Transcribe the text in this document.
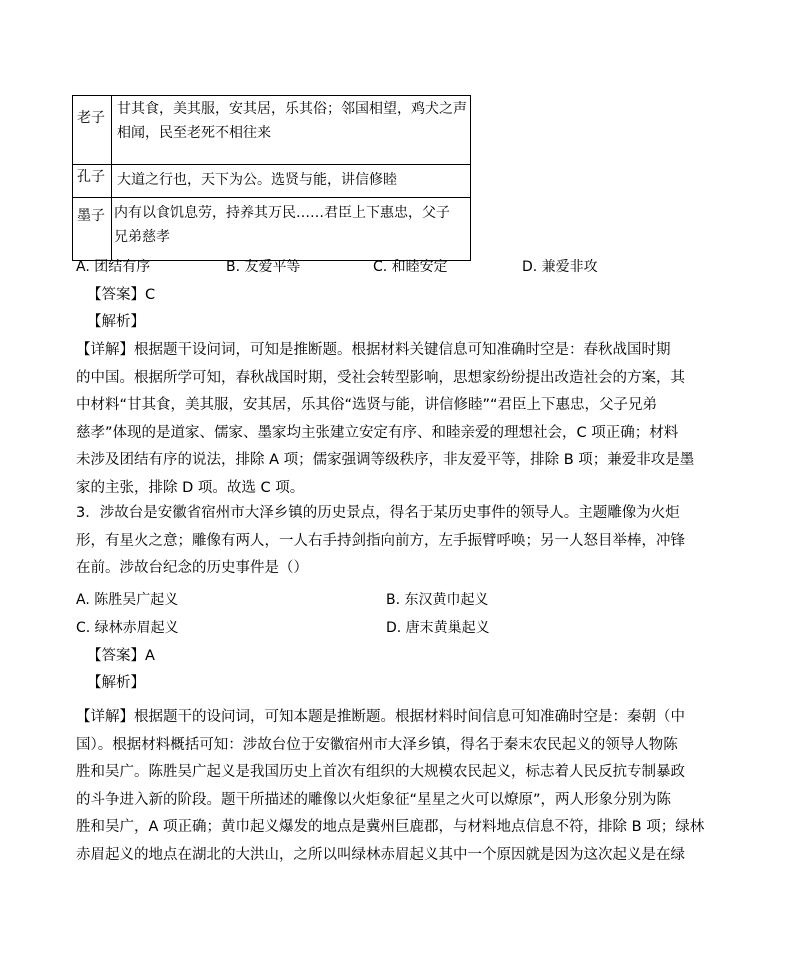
老子	甘其食，美其服，安其居，乐其俗；邻国相望，鸡犬之声
相闻，民至老死不相往来

孔子	大道之行也，天下为公。选贤与能，讲信修睦

墨子	内有以食饥息劳，持养其万民……君臣上下惠忠，父子
兄弟慈孝
A. 团结有序	B. 友爱平等	C. 和睦安定	D. 兼爱非攻
【答案】C
【解析】
【详解】根据题干设问词，可知是推断题。根据材料关键信息可知准确时空是：春秋战国时期
的中国。根据所学可知，春秋战国时期，受社会转型影响，思想家纷纷提出改造社会的方案，其
中材料“甘其食，美其服，安其居，乐其俗“选贤与能，讲信修睦”“君臣上下惠忠，父子兄弟
慈孝”体现的是道家、儒家、墨家均主张建立安定有序、和睦亲爱的理想社会，C 项正确；材料
未涉及团结有序的说法，排除 A 项；儒家强调等级秩序，非友爱平等，排除 B 项；兼爱非攻是墨
家的主张，排除 D 项。故选 C 项。
3．涉故台是安徽省宿州市大泽乡镇的历史景点，得名于某历史事件的领导人。主题雕像为火炬
形，有星火之意；雕像有两人，一人右手持剑指向前方，左手振臂呼唤；另一人怒目举棒，冲锋
在前。涉故台纪念的历史事件是（）
A. 陈胜吴广起义	B. 东汉黄巾起义
C. 绿林赤眉起义	D. 唐末黄巢起义
【答案】A
【解析】
【详解】根据题干的设问词，可知本题是推断题。根据材料时间信息可知准确时空是：秦朝（中
国）。根据材料概括可知：涉故台位于安徽宿州市大泽乡镇，得名于秦末农民起义的领导人物陈
胜和吴广。陈胜吴广起义是我国历史上首次有组织的大规模农民起义，标志着人民反抗专制暴政
的斗争进入新的阶段。题干所描述的雕像以火炬象征“星星之火可以燎原”，两人形象分别为陈
胜和吴广，A 项正确；黄巾起义爆发的地点是冀州巨鹿郡，与材料地点信息不符，排除 B 项；绿林
赤眉起义的地点在湖北的大洪山，之所以叫绿林赤眉起义其中一个原因就是因为这次起义是在绿
